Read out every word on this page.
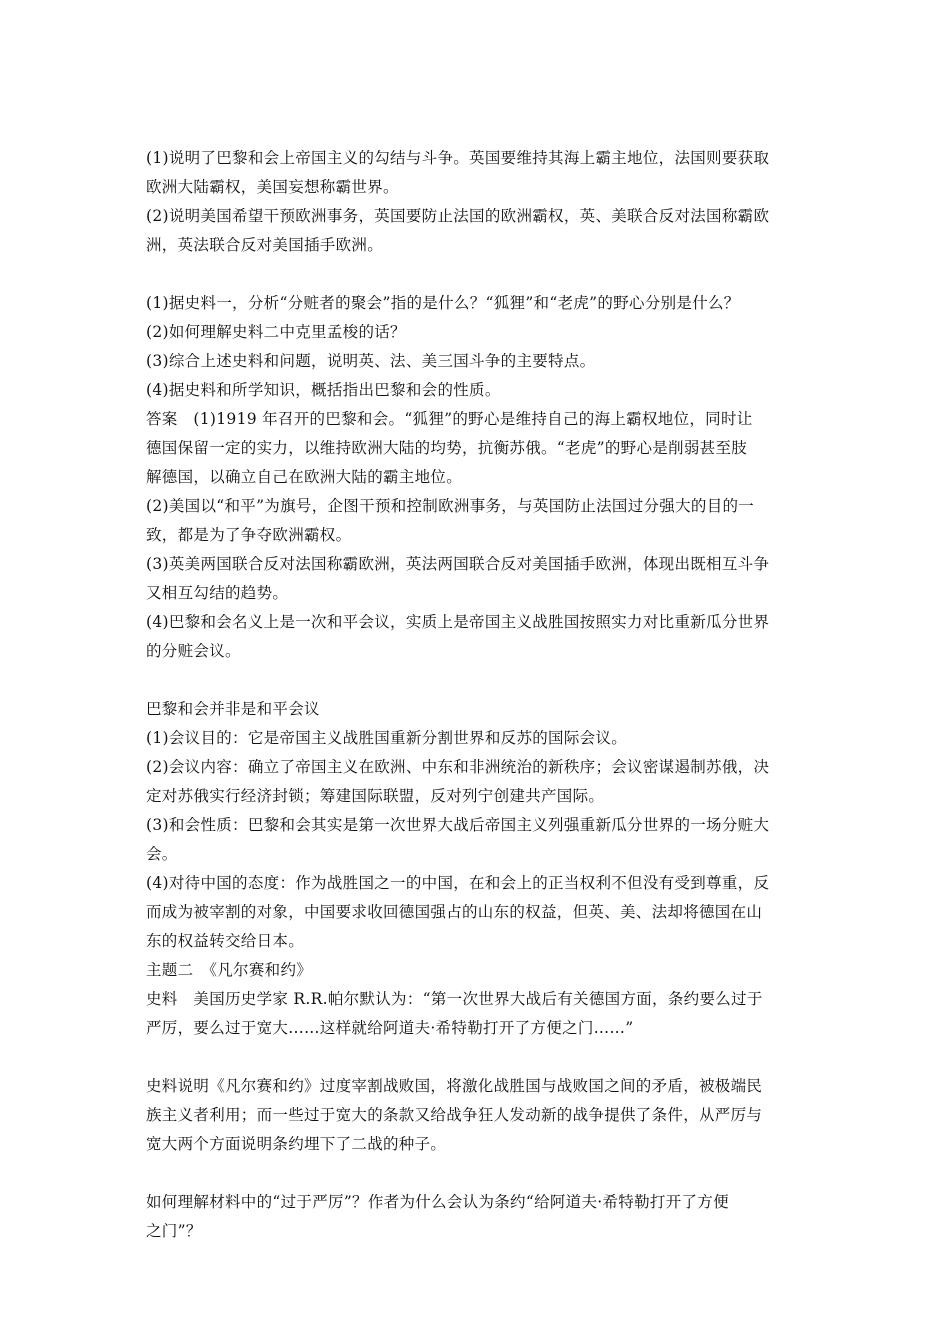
(1)说明了巴黎和会上帝国主义的勾结与斗争。英国要维持其海上霸主地位，法国则要获取
欧洲大陆霸权，美国妄想称霸世界。
(2)说明美国希望干预欧洲事务，英国要防止法国的欧洲霸权，英、美联合反对法国称霸欧
洲，英法联合反对美国插手欧洲。
(1)据史料一，分析“分赃者的聚会”指的是什么？“狐狸”和“老虎”的野心分别是什么？
(2)如何理解史料二中克里孟梭的话？
(3)综合上述史料和问题，说明英、法、美三国斗争的主要特点。
(4)据史料和所学知识，概括指出巴黎和会的性质。
答案　(1)1919 年召开的巴黎和会。“狐狸”的野心是维持自己的海上霸权地位，同时让
德国保留一定的实力，以维持欧洲大陆的均势，抗衡苏俄。“老虎”的野心是削弱甚至肢
解德国，以确立自己在欧洲大陆的霸主地位。
(2)美国以“和平”为旗号，企图干预和控制欧洲事务，与英国防止法国过分强大的目的一
致，都是为了争夺欧洲霸权。
(3)英美两国联合反对法国称霸欧洲，英法两国联合反对美国插手欧洲，体现出既相互斗争
又相互勾结的趋势。
(4)巴黎和会名义上是一次和平会议，实质上是帝国主义战胜国按照实力对比重新瓜分世界
的分赃会议。
巴黎和会并非是和平会议
(1)会议目的：它是帝国主义战胜国重新分割世界和反苏的国际会议。
(2)会议内容：确立了帝国主义在欧洲、中东和非洲统治的新秩序；会议密谋遏制苏俄，决
定对苏俄实行经济封锁；筹建国际联盟，反对列宁创建共产国际。
(3)和会性质：巴黎和会其实是第一次世界大战后帝国主义列强重新瓜分世界的一场分赃大
会。
(4)对待中国的态度：作为战胜国之一的中国，在和会上的正当权利不但没有受到尊重，反
而成为被宰割的对象，中国要求收回德国强占的山东的权益，但英、美、法却将德国在山
东的权益转交给日本。
主题二　《凡尔赛和约》
史料　美国历史学家 R.R.帕尔默认为：“第一次世界大战后有关德国方面，条约要么过于
严厉，要么过于宽大……这样就给阿道夫·希特勒打开了方便之门……”
史料说明《凡尔赛和约》过度宰割战败国，将激化战胜国与战败国之间的矛盾，被极端民
族主义者利用；而一些过于宽大的条款又给战争狂人发动新的战争提供了条件，从严厉与
宽大两个方面说明条约埋下了二战的种子。
如何理解材料中的“过于严厉”？作者为什么会认为条约“给阿道夫·希特勒打开了方便
之门”？
